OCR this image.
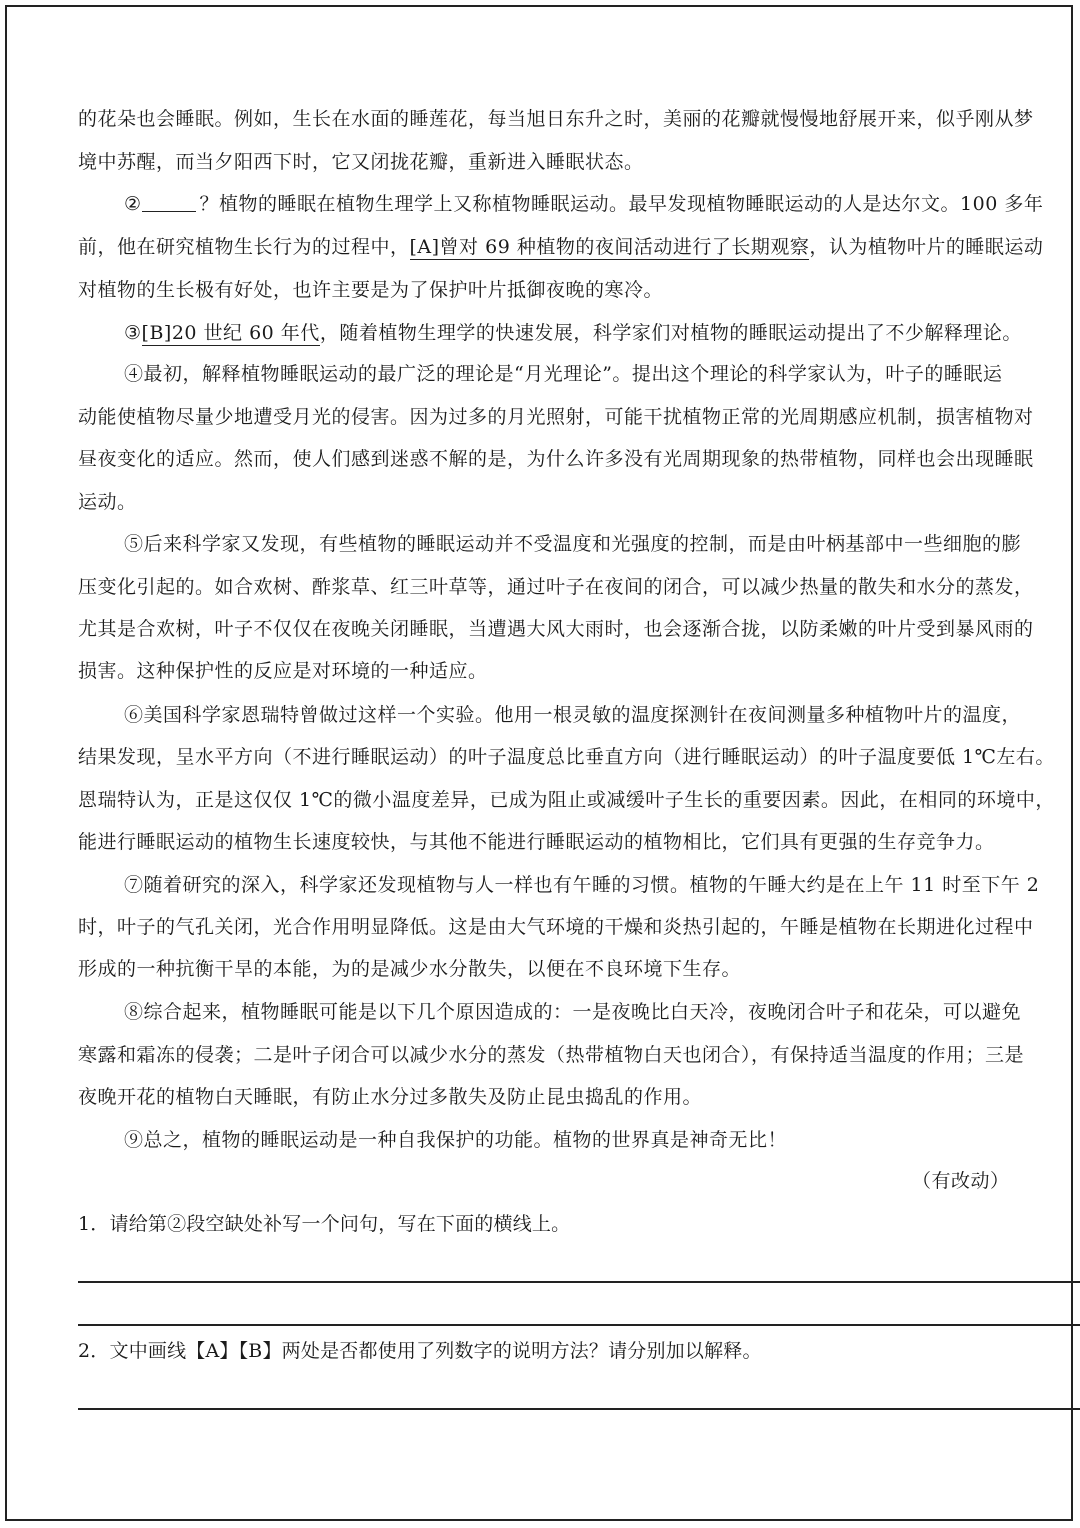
的花朵也会睡眠。例如，生长在水面的睡莲花，每当旭日东升之时，美丽的花瓣就慢慢地舒展开来，似乎刚从梦
境中苏醒，而当夕阳西下时，它又闭拢花瓣，重新进入睡眠状态。
②	？植物的睡眠在植物生理学上又称植物睡眠运动。最早发现植物睡眠运动的人是达尔文。100 多年
前，他在研究植物生长行为的过程中，[A]曾对 69 种植物的夜间活动进行了长期观察，认为植物叶片的睡眠运动
对植物的生长极有好处，也许主要是为了保护叶片抵御夜晚的寒冷。
③[B]20 世纪 60 年代，随着植物生理学的快速发展，科学家们对植物的睡眠运动提出了不少解释理论。
④最初，解释植物睡眠运动的最广泛的理论是“月光理论”。提出这个理论的科学家认为，叶子的睡眠运
动能使植物尽量少地遭受月光的侵害。因为过多的月光照射，可能干扰植物正常的光周期感应机制，损害植物对
昼夜变化的适应。然而，使人们感到迷惑不解的是，为什么许多没有光周期现象的热带植物，同样也会出现睡眠
运动。
⑤后来科学家又发现，有些植物的睡眠运动并不受温度和光强度的控制，而是由叶柄基部中一些细胞的膨
压变化引起的。如合欢树、酢浆草、红三叶草等，通过叶子在夜间的闭合，可以减少热量的散失和水分的蒸发，
尤其是合欢树，叶子不仅仅在夜晚关闭睡眠，当遭遇大风大雨时，也会逐渐合拢，以防柔嫩的叶片受到暴风雨的
损害。这种保护性的反应是对环境的一种适应。
⑥美国科学家恩瑞特曾做过这样一个实验。他用一根灵敏的温度探测针在夜间测量多种植物叶片的温度，
结果发现，呈水平方向（不进行睡眠运动）的叶子温度总比垂直方向（进行睡眠运动）的叶子温度要低 1℃左右。
恩瑞特认为，正是这仅仅 1℃的微小温度差异，已成为阻止或减缓叶子生长的重要因素。因此，在相同的环境中，
能进行睡眠运动的植物生长速度较快，与其他不能进行睡眠运动的植物相比，它们具有更强的生存竞争力。
⑦随着研究的深入，科学家还发现植物与人一样也有午睡的习惯。植物的午睡大约是在上午 11 时至下午 2
时，叶子的气孔关闭，光合作用明显降低。这是由大气环境的干燥和炎热引起的，午睡是植物在长期进化过程中
形成的一种抗衡干旱的本能，为的是减少水分散失，以便在不良环境下生存。
⑧综合起来，植物睡眠可能是以下几个原因造成的：一是夜晚比白天冷，夜晚闭合叶子和花朵，可以避免
寒露和霜冻的侵袭；二是叶子闭合可以减少水分的蒸发（热带植物白天也闭合），有保持适当温度的作用；三是
夜晚开花的植物白天睡眠，有防止水分过多散失及防止昆虫捣乱的作用。
⑨总之，植物的睡眠运动是一种自我保护的功能。植物的世界真是神奇无比！
（有改动）
1．请给第②段空缺处补写一个问句，写在下面的横线上。
2．文中画线【A】【B】两处是否都使用了列数字的说明方法？请分别加以解释。
